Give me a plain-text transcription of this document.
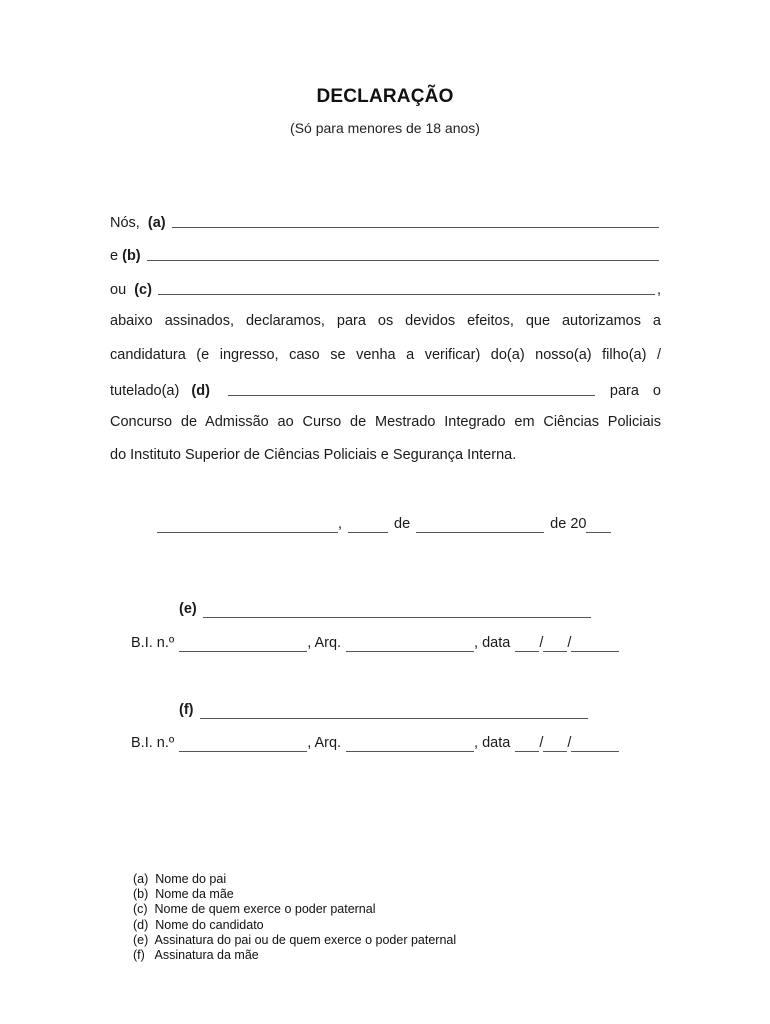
DECLARAÇÃO
(Só para menores de 18 anos)
Nós,
(a)
e
(b)
ou
(c)	,
abaixo assinados, declaramos, para os devidos efeitos, que autorizamos a
candidatura (e ingresso, caso se venha a verificar) do(a) nosso(a) filho(a) /
tutelado(a)
(d)	para o
Concurso de Admissão ao Curso de Mestrado Integrado em Ciências Policiais
do Instituto Superior de Ciências Policiais e Segurança Interna.
,	de	de 20
(e)
B.I. n.º	, Arq.	, data / /
(f)
B.I. n.º	, Arq.	, data / /
(a)  Nome do pai
(b)  Nome da mãe
(c)  Nome de quem exerce o poder paternal
(d)  Nome do candidato
(e)  Assinatura do pai ou de quem exerce o poder paternal
(f)   Assinatura da mãe
